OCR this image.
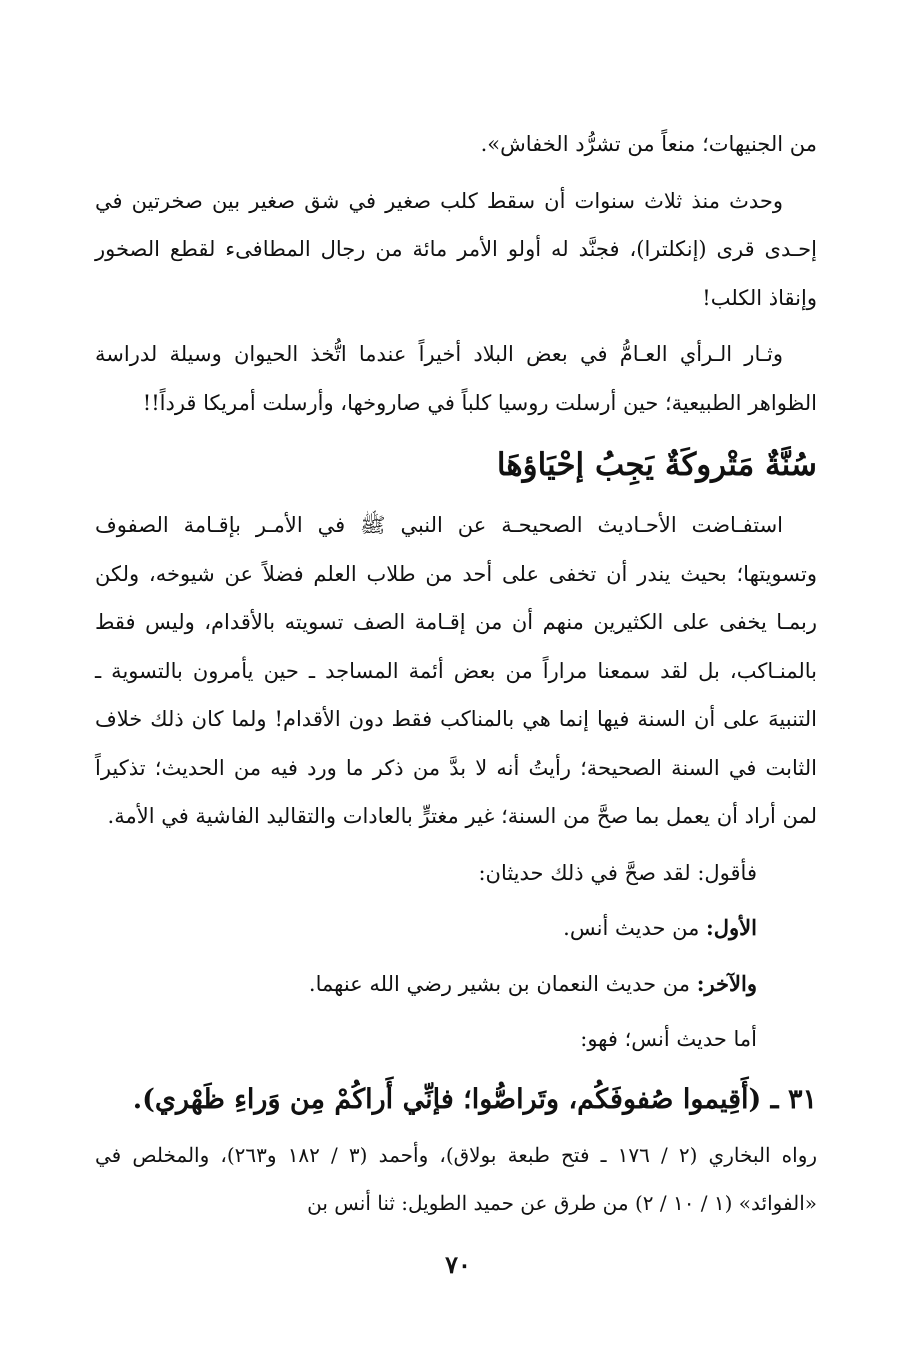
من الجنيهات؛ منعاً من تشرُّد الخفاش».

وحدث منذ ثلاث سنوات أن سقط كلب صغير في شق صغير بين صخرتين في إحـدى قرى (إنكلترا)، فجنَّد له أولو الأمر مائة من رجال المطافىء لقطع الصخور وإنقاذ الكلب!

وثـار الـرأي العـامُّ في بعض البلاد أخيراً عندما اتُّخذ الحيوان وسيلة لدراسة الظواهر الطبيعية؛ حين أرسلت روسيا كلباً في صاروخها، وأرسلت أمريكا قرداً!!

سُنَّةٌ مَتْروكَةٌ يَجِبُ إحْيَاؤهَا

استفـاضت الأحـاديث الصحيحـة عن النبي ﷺ في الأمـر بإقـامة الصفوف وتسويتها؛ بحيث يندر أن تخفى على أحد من طلاب العلم فضلاً عن شيوخه، ولكن ربمـا يخفى على الكثيرين منهم أن من إقـامة الصف تسويته بالأقدام، وليس فقط بالمنـاكب، بل لقد سمعنا مراراً من بعض أئمة المساجد ـ حين يأمرون بالتسوية ـ التنبيهَ على أن السنة فيها إنما هي بالمناكب فقط دون الأقدام! ولما كان ذلك خلاف الثابت في السنة الصحيحة؛ رأيتُ أنه لا بدَّ من ذكر ما ورد فيه من الحديث؛ تذكيراً لمن أراد أن يعمل بما صحَّ من السنة؛ غير مغترٍّ بالعادات والتقاليد الفاشية في الأمة.

فأقول: لقد صحَّ في ذلك حديثان:

الأول: من حديث أنس.

والآخر: من حديث النعمان بن بشير رضي الله عنهما.

أما حديث أنس؛ فهو:

٣١ ـ (أَقِيموا صُفوفَكُم، وتَراصُّوا؛ فإنِّي أَراكُمْ مِن وَراءِ ظَهْري).

رواه البخاري (٢ / ١٧٦ ـ فتح طبعة بولاق)، وأحمد (٣ / ١٨٢ و٢٦٣)، والمخلص في «الفوائد» (١ / ١٠ / ٢) من طرق عن حميد الطويل: ثنا أنس بن

٧٠
